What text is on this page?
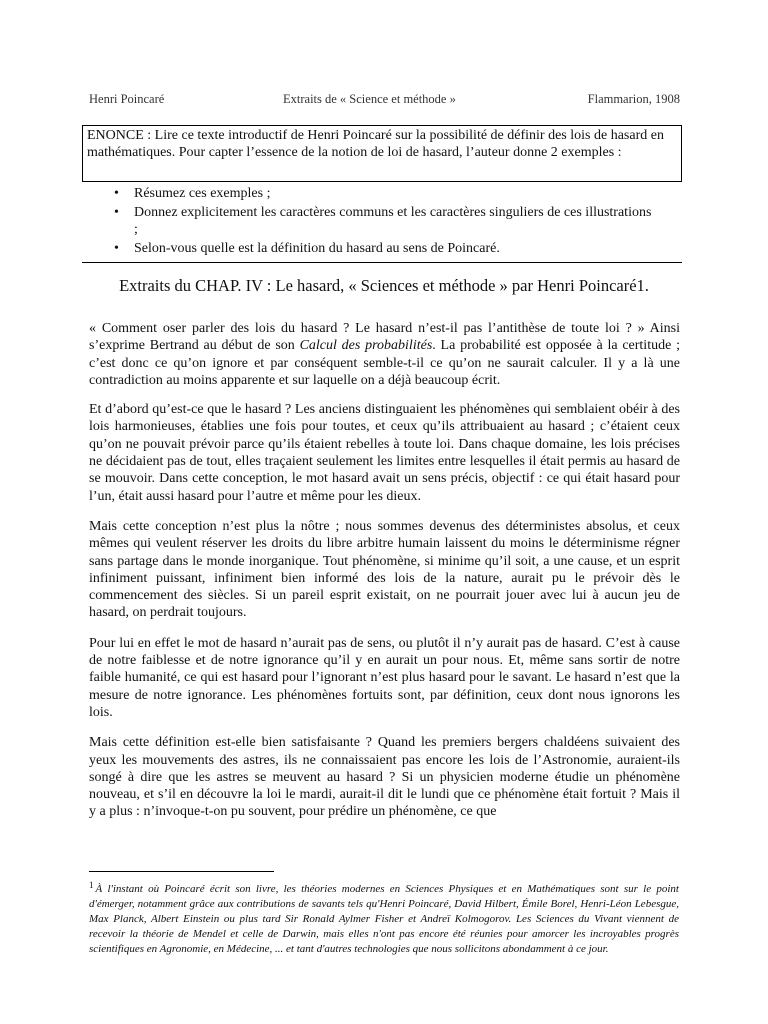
Henri Poincaré	Extraits de « Science et méthode »	Flammarion, 1908
ENONCE : Lire ce texte introductif de Henri Poincaré sur la possibilité de définir des lois de hasard en mathématiques. Pour capter l’essence de la notion de loi de hasard, l’auteur donne 2 exemples :
• Résumez ces exemples ;
• Donnez explicitement les caractères communs et les caractères singuliers de ces illustrations ;
• Selon-vous quelle est la définition du hasard au sens de Poincaré.
Extraits du CHAP. IV : Le hasard, « Sciences et méthode » par Henri Poincaré1.

« Comment oser parler des lois du hasard ? Le hasard n’est-il pas l’antithèse de toute loi ? » Ainsi s’exprime Bertrand au début de son Calcul des probabilités. La probabilité est opposée à la certitude ; c’est donc ce qu’on ignore et par conséquent semble-t-il ce qu’on ne saurait calculer. Il y a là une contradiction au moins apparente et sur laquelle on a déjà beaucoup écrit.

Et d’abord qu’est-ce que le hasard ? Les anciens distinguaient les phénomènes qui semblaient obéir à des lois harmonieuses, établies une fois pour toutes, et ceux qu’ils attribuaient au hasard ; c’étaient ceux qu’on ne pouvait prévoir parce qu’ils étaient rebelles à toute loi. Dans chaque domaine, les lois précises ne décidaient pas de tout, elles traçaient seulement les limites entre lesquelles il était permis au hasard de se mouvoir. Dans cette conception, le mot hasard avait un sens précis, objectif : ce qui était hasard pour l’un, était aussi hasard pour l’autre et même pour les dieux.

Mais cette conception n’est plus la nôtre ; nous sommes devenus des déterministes absolus, et ceux mêmes qui veulent réserver les droits du libre arbitre humain laissent du moins le déterminisme régner sans partage dans le monde inorganique. Tout phénomène, si minime qu’il soit, a une cause, et un esprit infiniment puissant, infiniment bien informé des lois de la nature, aurait pu le prévoir dès le commencement des siècles. Si un pareil esprit existait, on ne pourrait jouer avec lui à aucun jeu de hasard, on perdrait toujours.

Pour lui en effet le mot de hasard n’aurait pas de sens, ou plutôt il n’y aurait pas de hasard. C’est à cause de notre faiblesse et de notre ignorance qu’il y en aurait un pour nous. Et, même sans sortir de notre faible humanité, ce qui est hasard pour l’ignorant n’est plus hasard pour le savant. Le hasard n’est que la mesure de notre ignorance. Les phénomènes fortuits sont, par définition, ceux dont nous ignorons les lois.

Mais cette définition est-elle bien satisfaisante ? Quand les premiers bergers chaldéens suivaient des yeux les mouvements des astres, ils ne connaissaient pas encore les lois de l’Astronomie, auraient-ils songé à dire que les astres se meuvent au hasard ? Si un physicien moderne étudie un phénomène nouveau, et s’il en découvre la loi le mardi, aurait-il dit le lundi que ce phénomène était fortuit ? Mais il y a plus : n’invoque-t-on pu souvent, pour prédire un phénomène, ce que

$^1$ À l'instant où Poincaré écrit son livre, les théories modernes en Sciences Physiques et en Mathématiques sont sur le point d'émerger, notamment grâce aux contributions de savants tels qu'Henri Poincaré, David Hilbert, Émile Borel, Henri-Léon Lebesgue, Max Planck, Albert Einstein ou plus tard Sir Ronald Aylmer Fisher et Andreï Kolmogorov. Les Sciences du Vivant viennent de recevoir la théorie de Mendel et celle de Darwin, mais elles n'ont pas encore été réunies pour amorcer les incroyables progrès scientifiques en Agronomie, en Médecine, ... et tant d'autres technologies que nous sollicitons abondamment à ce jour.
